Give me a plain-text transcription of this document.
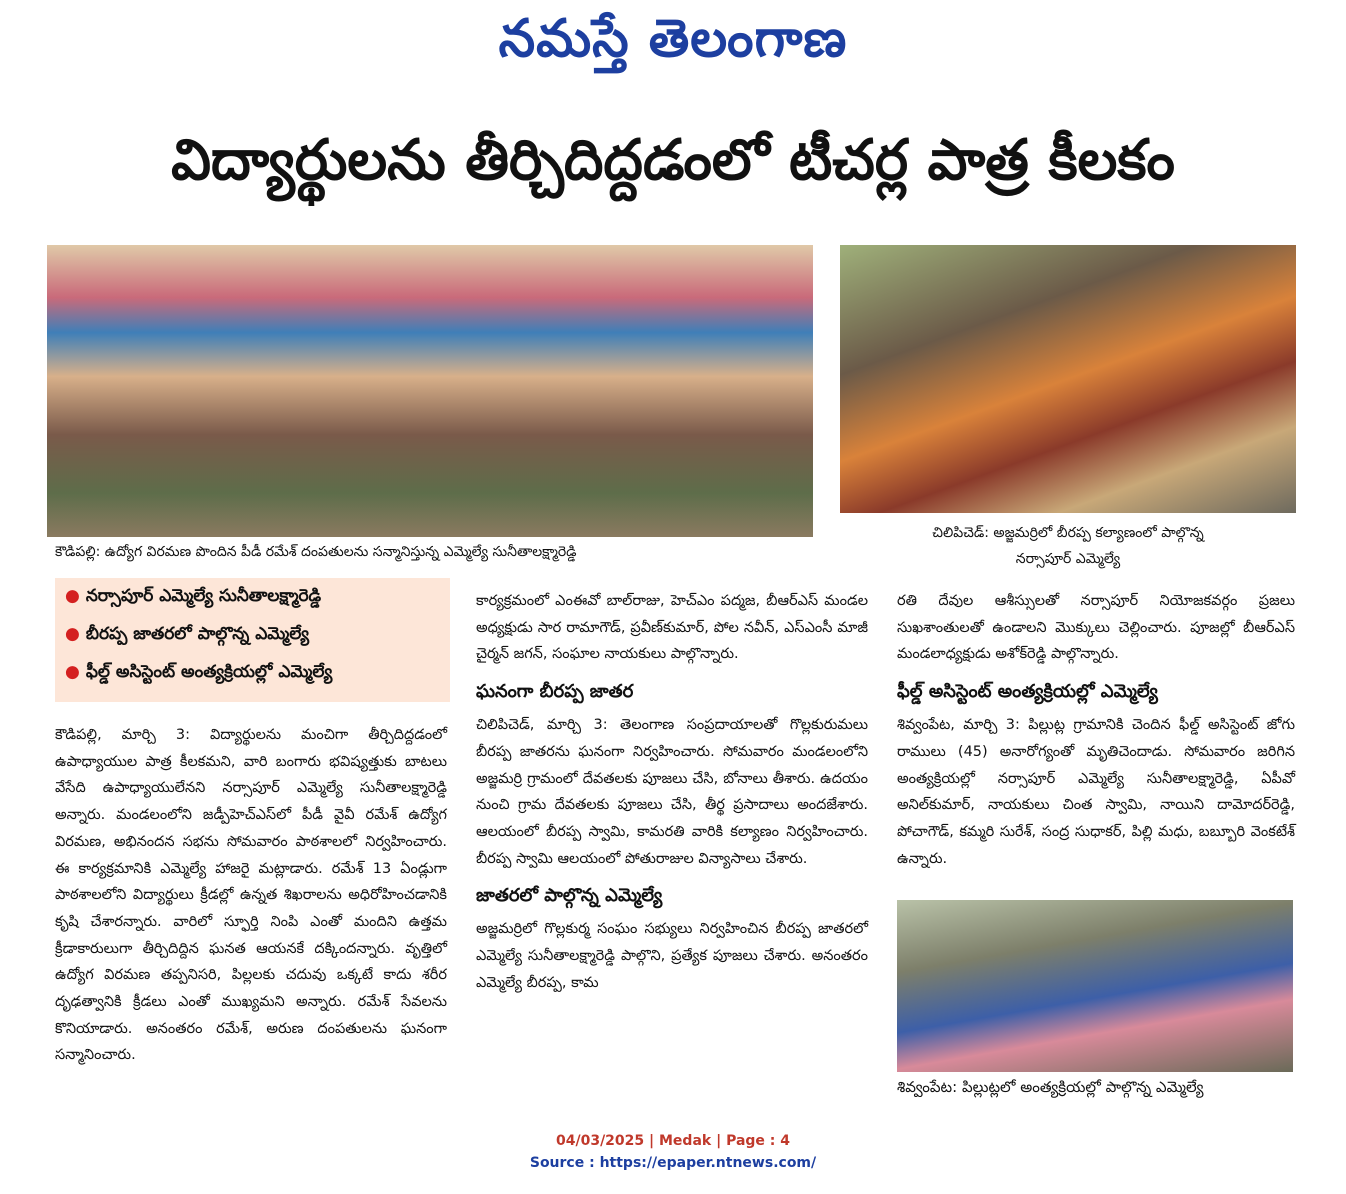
నమస్తే తెలంగాణ
విద్యార్థులను తీర్చిదిద్దడంలో టీచర్ల పాత్ర కీలకం
కౌడిపల్లి: ఉద్యోగ విరమణ పొందిన పీడీ రమేశ్ దంపతులను సన్మానిస్తున్న ఎమ్మెల్యే సునీతాలక్ష్మారెడ్డి
చిలిపిచెడ్: అజ్జమర్రిలో బీరప్ప కల్యాణంలో పాల్గొన్న
నర్సాపూర్ ఎమ్మెల్యే
● నర్సాపూర్ ఎమ్మెల్యే సునీతాలక్ష్మారెడ్డి
● బీరప్ప జాతరలో పాల్గొన్న ఎమ్మెల్యే
● ఫీల్డ్ అసిస్టెంట్ అంత్యక్రియల్లో ఎమ్మెల్యే

కౌడిపల్లి, మార్చి 3: విద్యార్థులను మంచిగా తీర్చిదిద్దడంలో ఉపాధ్యాయుల పాత్ర కీలకమని, వారి బంగారు భవిష్యత్తుకు బాటలు వేసేది ఉపాధ్యాయులేనని నర్సాపూర్ ఎమ్మెల్యే సునీతాలక్ష్మారెడ్డి అన్నారు. మండలంలోని జడ్పీహెచ్ఎస్‌లో పీడీ వైవీ రమేశ్ ఉద్యోగ విరమణ, అభినందన సభను సోమవారం పాఠశాలలో నిర్వహించారు. ఈ కార్యక్రమానికి ఎమ్మెల్యే హాజరై మట్లాడారు. రమేశ్ 13 ఏండ్లుగా పాఠశాలలోని విద్యార్థులు క్రీడల్లో ఉన్నత శిఖరాలను అధిరోహించడానికి కృషి చేశారన్నారు. వారిలో స్ఫూర్తి నింపి ఎంతో మందిని ఉత్తమ క్రీడాకారులుగా తీర్చిదిద్దిన ఘనత ఆయనకే దక్కిందన్నారు. వృత్తిలో ఉద్యోగ విరమణ తప్పనిసరి, పిల్లలకు చదువు ఒక్కటే కాదు శరీర దృఢత్వానికి క్రీడలు ఎంతో ముఖ్యమని అన్నారు. రమేశ్ సేవలను కొనియాడారు. అనంతరం రమేశ్, అరుణ దంపతులను ఘనంగా సన్మానించారు.

కార్యక్రమంలో ఎంఈవో బాల్‌రాజు, హెచ్ఎం పద్మజ, బీఆర్ఎస్ మండల అధ్యక్షుడు సార రామాగౌడ్, ప్రవీణ్‌కుమార్, పోల నవీన్, ఎస్ఎంసీ మాజీ చైర్మన్ జగన్, సంఘాల నాయకులు పాల్గొన్నారు.

ఘనంగా బీరప్ప జాతర

చిలిపిచెడ్, మార్చి 3: తెలంగాణ సంప్రదాయాలతో గొల్లకురుమలు బీరప్ప జాతరను ఘనంగా నిర్వహించారు. సోమవారం మండలంలోని అజ్జమర్రి గ్రామంలో దేవతలకు పూజలు చేసి, బోనాలు తీశారు. ఉదయం నుంచి గ్రామ దేవతలకు పూజలు చేసి, తీర్థ ప్రసాదాలు అందజేశారు. ఆలయంలో బీరప్ప స్వామి, కామరతి వారికి కల్యాణం నిర్వహించారు. బీరప్ప స్వామి ఆలయంలో పోతురాజుల విన్యాసాలు చేశారు.

జాతరలో పాల్గొన్న ఎమ్మెల్యే

అజ్జమర్రిలో గొల్లకుర్మ సంఘం సభ్యులు నిర్వహించిన బీరప్ప జాతరలో ఎమ్మెల్యే సునీతాలక్ష్మారెడ్డి పాల్గొని, ప్రత్యేక పూజలు చేశారు. అనంతరం ఎమ్మెల్యే బీరప్ప, కామ

రతి దేవుల ఆశీస్సులతో నర్సాపూర్ నియోజకవర్గం ప్రజలు సుఖశాంతులతో ఉండాలని మొక్కులు చెల్లించారు. పూజల్లో బీఆర్ఎస్ మండలాధ్యక్షుడు అశోక్‌రెడ్డి పాల్గొన్నారు.

ఫీల్డ్ అసిస్టెంట్ అంత్యక్రియల్లో ఎమ్మెల్యే

శివ్వంపేట, మార్చి 3: పిల్లుట్ల గ్రామానికి చెందిన ఫీల్డ్ అసిస్టెంట్ జోగు రాములు (45) అనారోగ్యంతో మృతిచెందాడు. సోమవారం జరిగిన అంత్యక్రియల్లో నర్సాపూర్ ఎమ్మెల్యే సునీతాలక్ష్మారెడ్డి, ఏపీవో అనిల్‌కుమార్, నాయకులు చింత స్వామి, నాయిని దామోదర్‌రెడ్డి, పోచాగౌడ్, కమ్మరి సురేశ్, సంద్ర సుధాకర్, పిల్లి మధు, బబ్బూరి వెంకటేశ్ ఉన్నారు.

శివ్వంపేట: పిల్లుట్లలో అంత్యక్రియల్లో పాల్గొన్న ఎమ్మెల్యే
04/03/2025 | Medak | Page : 4
Source : https://epaper.ntnews.com/
